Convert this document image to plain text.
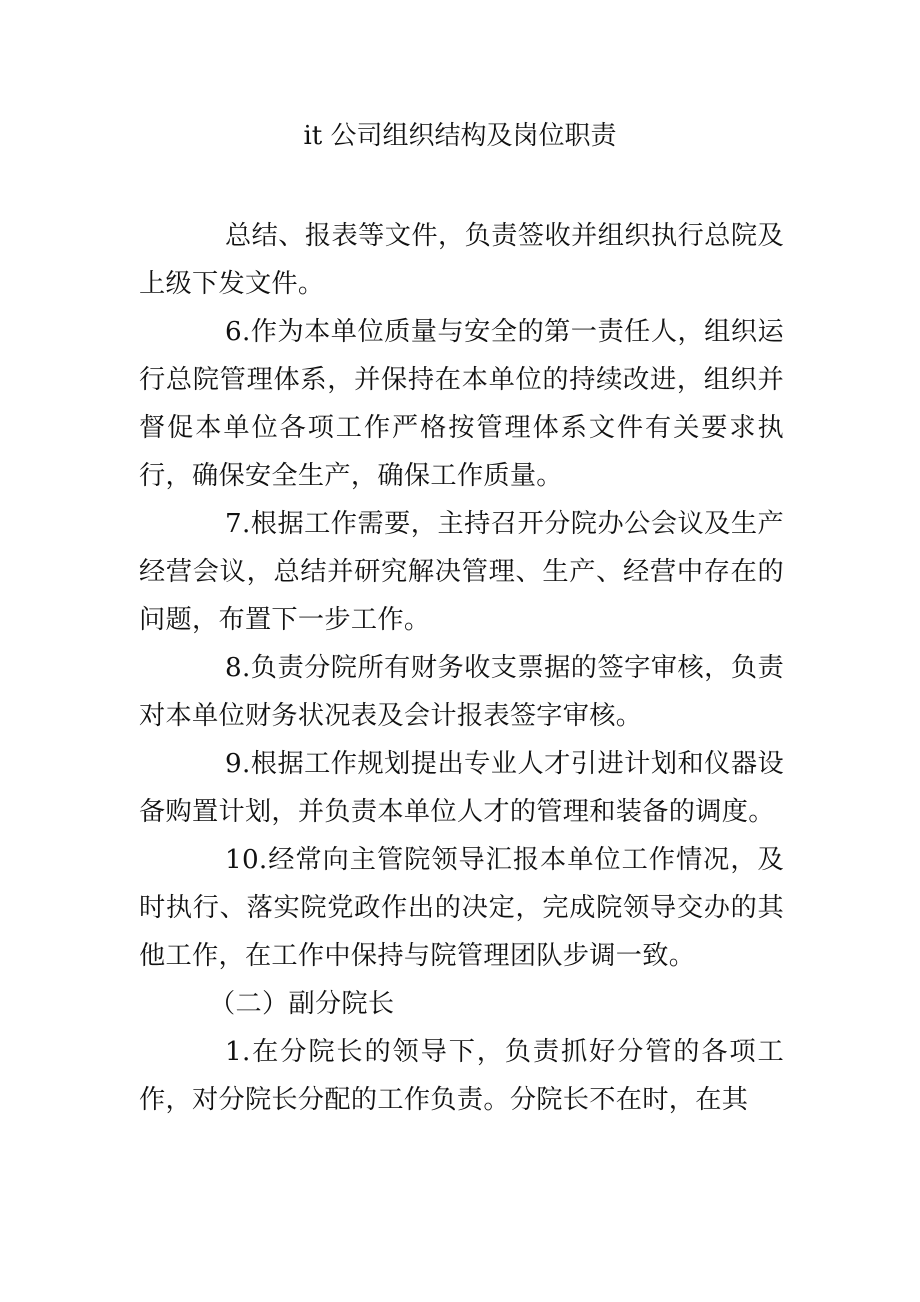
it 公司组织结构及岗位职责

总结、报表等文件，负责签收并组织执行总院及上级下发文件。

6.作为本单位质量与安全的第一责任人，组织运行总院管理体系，并保持在本单位的持续改进，组织并督促本单位各项工作严格按管理体系文件有关要求执行，确保安全生产，确保工作质量。

7.根据工作需要，主持召开分院办公会议及生产经营会议，总结并研究解决管理、生产、经营中存在的问题，布置下一步工作。

8.负责分院所有财务收支票据的签字审核，负责对本单位财务状况表及会计报表签字审核。

9.根据工作规划提出专业人才引进计划和仪器设备购置计划，并负责本单位人才的管理和装备的调度。

10.经常向主管院领导汇报本单位工作情况，及时执行、落实院党政作出的决定，完成院领导交办的其他工作，在工作中保持与院管理团队步调一致。

（二）副分院长

1.在分院长的领导下，负责抓好分管的各项工作，对分院长分配的工作负责。分院长不在时，在其
